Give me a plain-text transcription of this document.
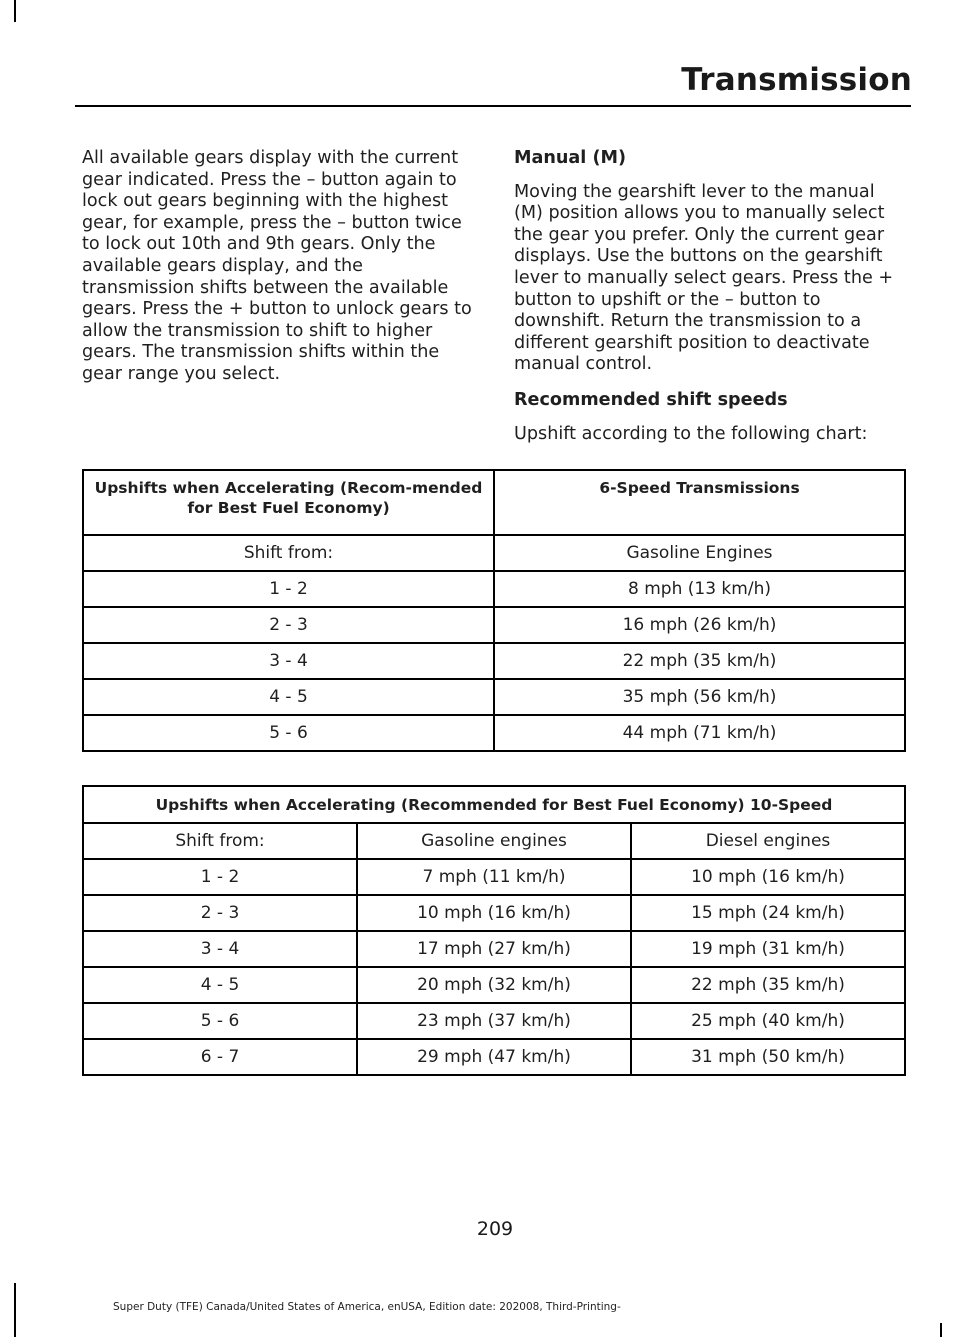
Transmission

All available gears display with the current gear indicated. Press the – button again to lock out gears beginning with the highest gear, for example, press the – button twice to lock out 10th and 9th gears. Only the available gears display, and the transmission shifts between the available gears. Press the + button to unlock gears to allow the transmission to shift to higher gears. The transmission shifts within the gear range you select.

Manual (M)

Moving the gearshift lever to the manual (M) position allows you to manually select the gear you prefer. Only the current gear displays. Use the buttons on the gearshift lever to manually select gears. Press the + button to upshift or the – button to downshift. Return the transmission to a different gearshift position to deactivate manual control.

Recommended shift speeds

Upshift according to the following chart:

Upshifts when Accelerating (Recom-mended for Best Fuel Economy)	6-Speed Transmissions
Shift from:	Gasoline Engines
1 - 2	8 mph (13 km/h)
2 - 3	16 mph (26 km/h)
3 - 4	22 mph (35 km/h)
4 - 5	35 mph (56 km/h)
5 - 6	44 mph (71 km/h)
Upshifts when Accelerating (Recommended for Best Fuel Economy) 10-Speed		
Shift from:	Gasoline engines	Diesel engines
1 - 2	7 mph (11 km/h)	10 mph (16 km/h)
2 - 3	10 mph (16 km/h)	15 mph (24 km/h)
3 - 4	17 mph (27 km/h)	19 mph (31 km/h)
4 - 5	20 mph (32 km/h)	22 mph (35 km/h)
5 - 6	23 mph (37 km/h)	25 mph (40 km/h)
6 - 7	29 mph (47 km/h)	31 mph (50 km/h)
209
Super Duty (TFE) Canada/United States of America, enUSA, Edition date: 202008, Third-Printing-
